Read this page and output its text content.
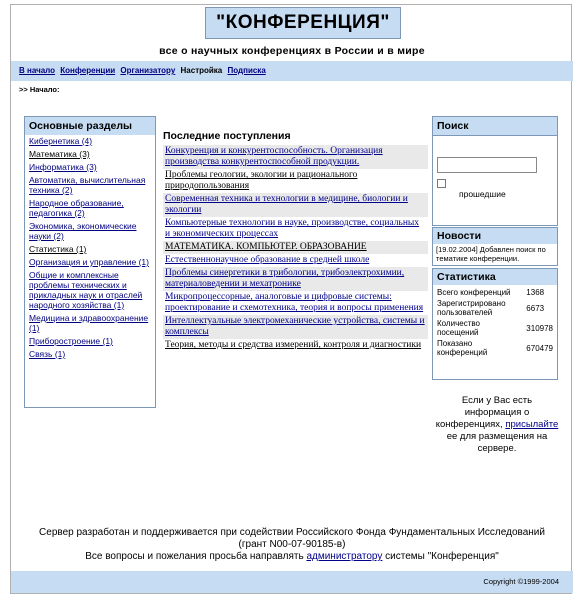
"КОНФЕРЕНЦИЯ"
все о научных конференциях в России и в мире
В начало Конференции Организатору Настройка Подписка
>> Начало:
Основные разделы
Кибернетика (4)
Математика (3)
Информатика (3)
Автоматика, вычислительная техника (2)
Народное образование, педагогика (2)
Экономика, экономические науки (2)
Статистика (1)
Организация и управление (1)
Общие и комплексные проблемы технических и прикладных наук и отраслей народного хозяйства (1)
Медицина и здравоохранение (1)
Приборостроение (1)
Связь (1)
Последние поступления
Конкуренция и конкурентоспособность. Организация производства конкурентоспособной продукции.
Проблемы геологии, экологии и рационального природопользования
Современная техника и технологии в медицине, биологии и экологии
Компьютерные технологии в науке, производстве, социальных и экономических процессах
МАТЕМАТИКА. КОМПЬЮТЕР. ОБРАЗОВАНИЕ
Естественнонаучное образование в средней школе
Проблемы синергетики в трибологии, трибоэлектрохимии, материаловедении и мехатронике
Микропроцессорные, аналоговые и цифровые системы: проектирование и схемотехника, теория и вопросы применения
Интеллектуальные электромеханические устройства, системы и комплексы
Теория, методы и средства измерений, контроля и диагностики
Поиск
прошедшие
Новости
[19.02.2004] Добавлен поиск по тематике конференции.
Статистика
Всего конференций	1368
Зарегистрировано пользователей	6673
Количество посещений	310978
Показано конференций	670479
Если у Вас есть информация о конференциях, присылайте ее для размещения на сервере.
Сервер разработан и поддерживается при содействии Российского Фонда Фундаментальных Исследований
(грант N00-07-90185-в)
Все вопросы и пожелания просьба направлять администратору системы "Конференция"
Copyright ©1999-2004
